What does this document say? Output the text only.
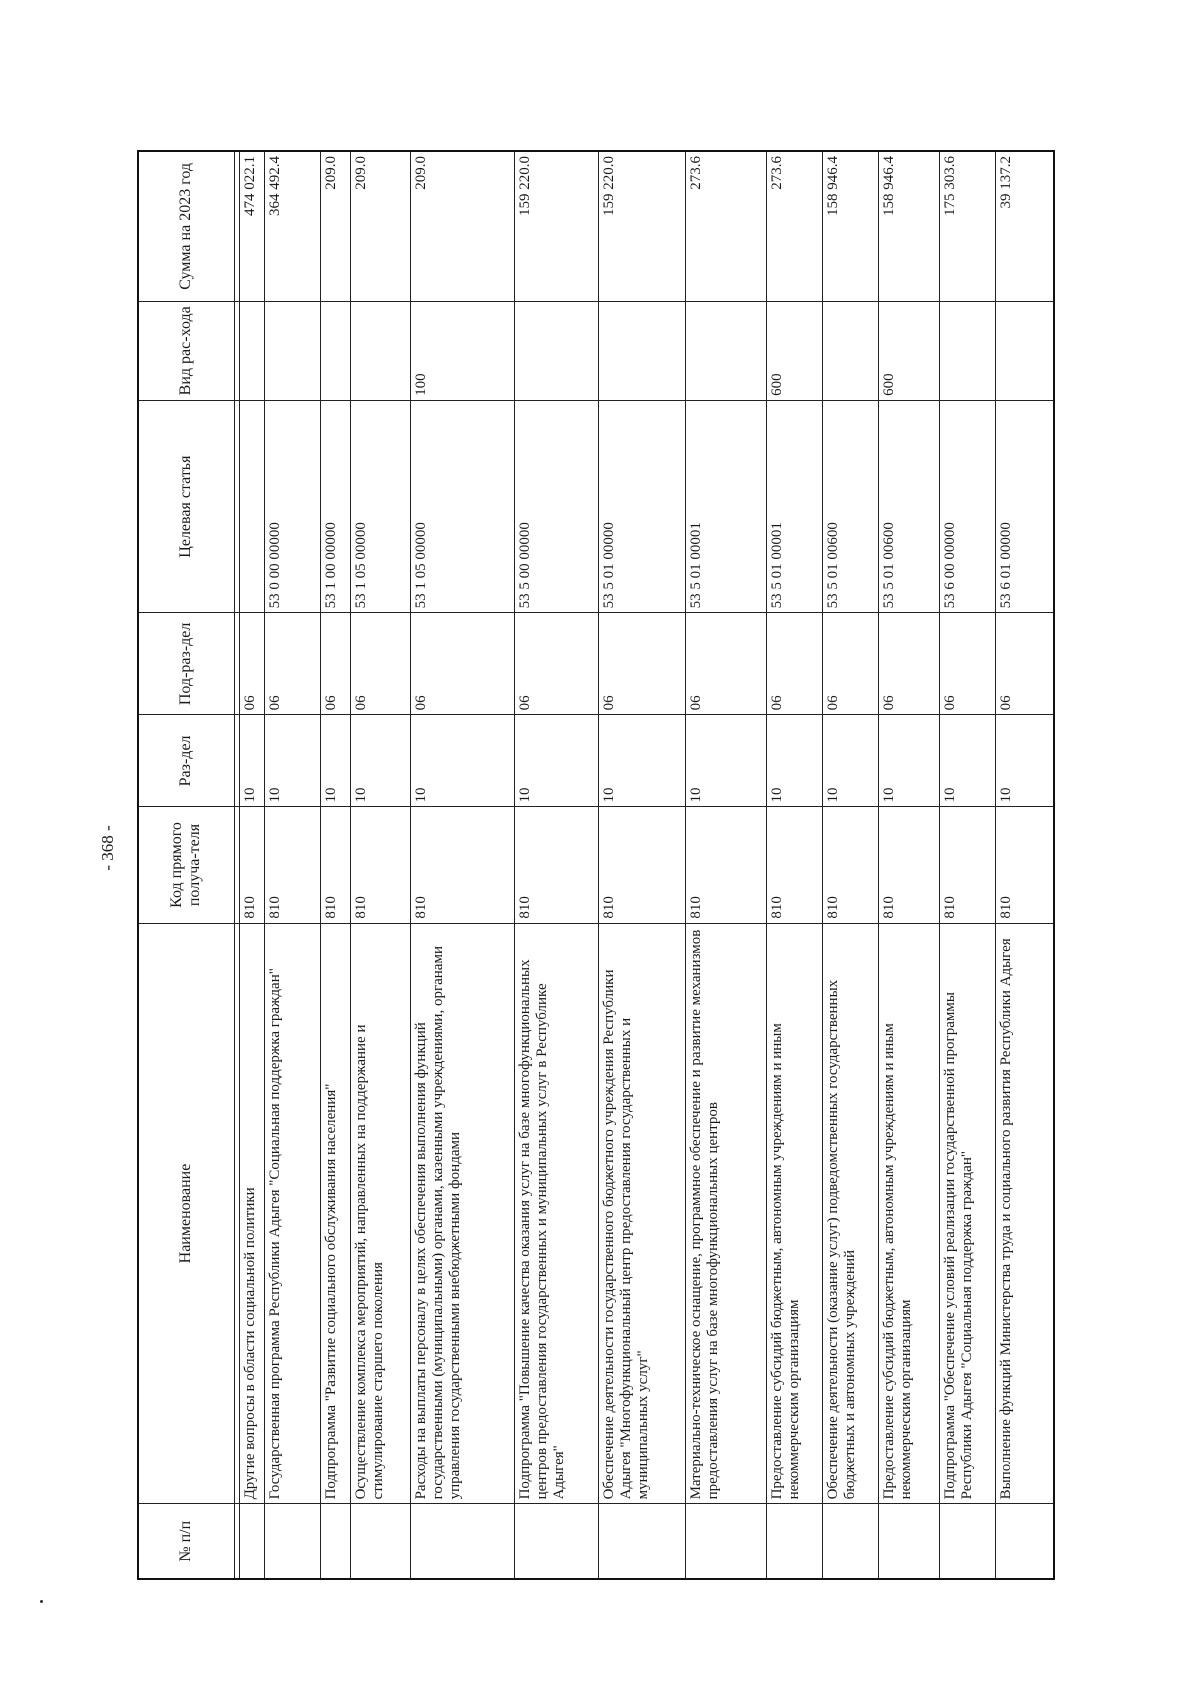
- 368 -
№ п/п	Наименование	Код прямого получа-теля	Раз-дел	Под-раз-дел	Целевая статья	Вид рас-хода	Сумма на 2023 год

	Другие вопросы в области социальной политики	810	10	06			474 022.1
	Государственная программа Республики Адыгея "Социальная поддержка граждан"	810	10	06	53 0 00 00000		364 492.4
	Подпрограмма "Развитие социального обслуживания населения"	810	10	06	53 1 00 00000		209.0
	Осуществление комплекса мероприятий, направленных на поддержание и стимулирование старшего поколения	810	10	06	53 1 05 00000		209.0
	Расходы на выплаты персоналу в целях обеспечения выполнения функций государственными (муниципальными) органами, казенными учреждениями, органами управления государственными внебюджетными фондами	810	10	06	53 1 05 00000	100	209.0
	Подпрограмма "Повышение качества оказания услуг на базе многофункциональных центров предоставления государственных и муниципальных услуг в Республике Адыгея"	810	10	06	53 5 00 00000		159 220.0
	Обеспечение деятельности государственного бюджетного учреждения Республики Адыгея "Многофункциональный центр предоставления государственных и муниципальных услуг"	810	10	06	53 5 01 00000		159 220.0
	Материально-техническое оснащение, программное обеспечение и развитие механизмов предоставления услуг на базе многофункциональных центров	810	10	06	53 5 01 00001		273.6
	Предоставление субсидий бюджетным, автономным учреждениям и иным некоммерческим организациям	810	10	06	53 5 01 00001	600	273.6
	Обеспечение деятельности (оказание услуг) подведомственных государственных бюджетных и автономных учреждений	810	10	06	53 5 01 00600		158 946.4
	Предоставление субсидий бюджетным, автономным учреждениям и иным некоммерческим организациям	810	10	06	53 5 01 00600	600	158 946.4
	Подпрограмма "Обеспечение условий реализации государственной программы Республики Адыгея "Социальная поддержка граждан"	810	10	06	53 6 00 00000		175 303.6
	Выполнение функций Министерства труда и социального развития Республики Адыгея	810	10	06	53 6 01 00000		39 137.2
